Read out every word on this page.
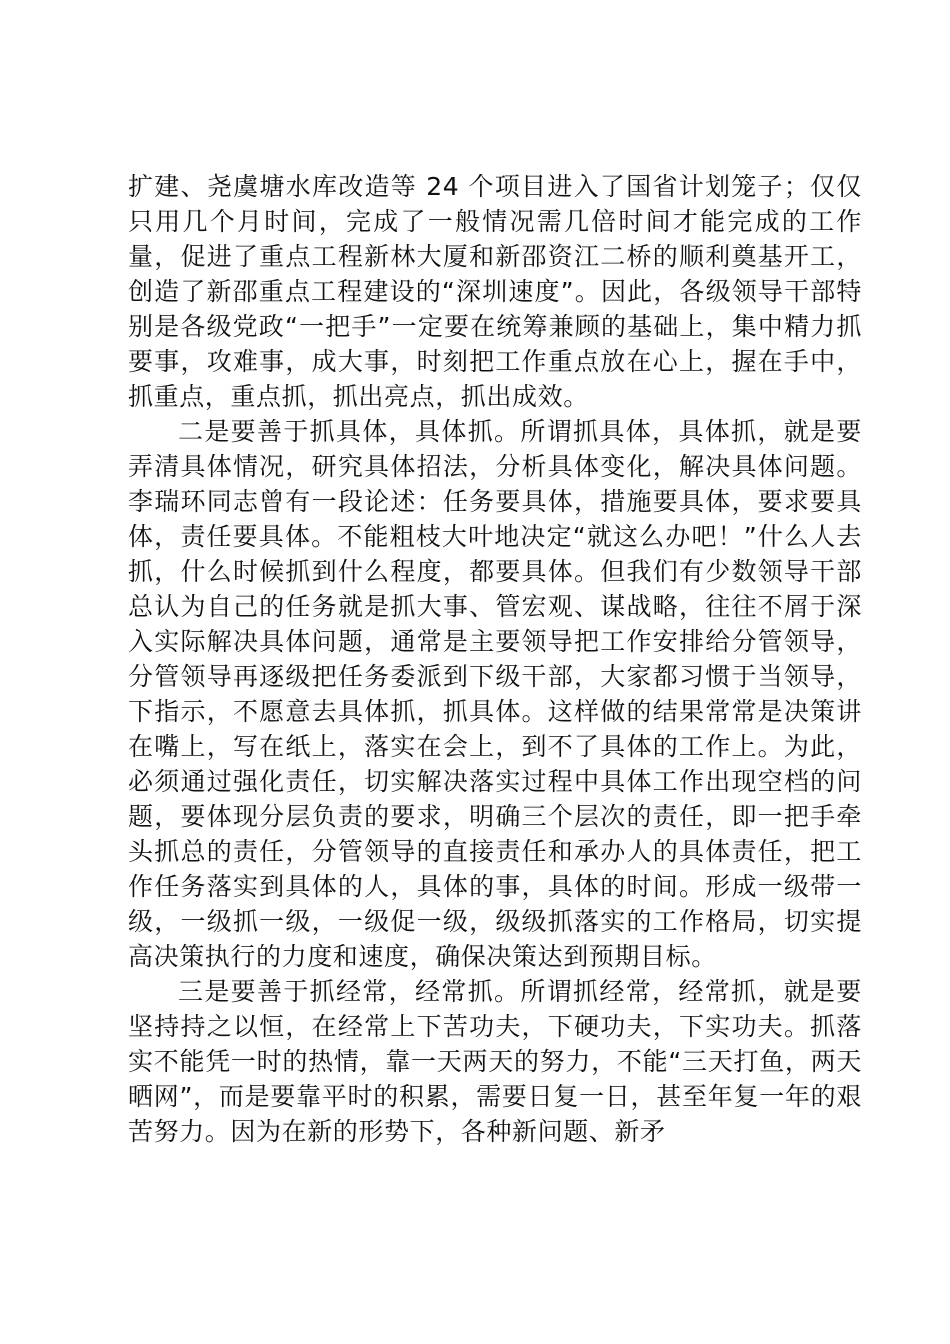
扩建、尧虞塘水库改造等 24 个项目进入了国省计划笼子；仅仅只用几个月时间，完成了一般情况需几倍时间才能完成的工作量，促进了重点工程新林大厦和新邵资江二桥的顺利奠基开工，创造了新邵重点工程建设的“深圳速度”。因此，各级领导干部特别是各级党政“一把手”一定要在统筹兼顾的基础上，集中精力抓要事，攻难事，成大事，时刻把工作重点放在心上，握在手中，抓重点，重点抓，抓出亮点，抓出成效。

二是要善于抓具体，具体抓。所谓抓具体，具体抓，就是要弄清具体情况，研究具体招法，分析具体变化，解决具体问题。李瑞环同志曾有一段论述：任务要具体，措施要具体，要求要具体，责任要具体。不能粗枝大叶地决定“就这么办吧！”什么人去抓，什么时候抓到什么程度，都要具体。但我们有少数领导干部总认为自己的任务就是抓大事、管宏观、谋战略，往往不屑于深入实际解决具体问题，通常是主要领导把工作安排给分管领导，分管领导再逐级把任务委派到下级干部，大家都习惯于当领导，下指示，不愿意去具体抓，抓具体。这样做的结果常常是决策讲在嘴上，写在纸上，落实在会上，到不了具体的工作上。为此，必须通过强化责任，切实解决落实过程中具体工作出现空档的问题，要体现分层负责的要求，明确三个层次的责任，即一把手牵头抓总的责任，分管领导的直接责任和承办人的具体责任，把工作任务落实到具体的人，具体的事，具体的时间。形成一级带一级，一级抓一级，一级促一级，级级抓落实的工作格局，切实提高决策执行的力度和速度，确保决策达到预期目标。

三是要善于抓经常，经常抓。所谓抓经常，经常抓，就是要坚持持之以恒，在经常上下苦功夫，下硬功夫，下实功夫。抓落实不能凭一时的热情，靠一天两天的努力，不能“三天打鱼，两天晒网”，而是要靠平时的积累，需要日复一日，甚至年复一年的艰苦努力。因为在新的形势下，各种新问题、新矛
